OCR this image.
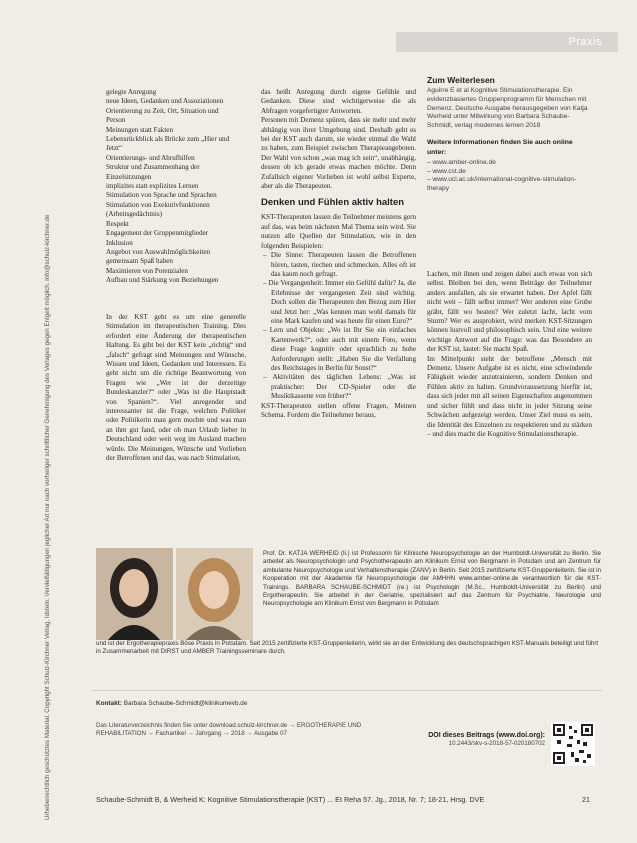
Urheberrechtlich geschütztes Material. Copyright Schulz-Kirchner Verlag, Idstein. Vervielfältigungen jeglicher Art nur nach vorheriger schriftlicher Genehmigung des Verlages gegen Entgelt möglich. info@schulz-kirchner.de
Praxis
gelegte Anregung
neue Ideen, Gedanken und Assoziationen
Orientierung zu Zeit, Ort, Situation und
Person
Meinungen statt Fakten
Lebensrückblick als Brücke zum „Hier und
Jetzt“
Orientierungs- und Abrufhilfen
Struktur und Zusammenhang der
Einzelsitzungen
implizites statt explizites Lernen
Stimulation von Sprache und Sprachen
Stimulation von Exekutivfunktionen
(Arbeitsgedächtnis)
Respekt
Engagement der Gruppenmitglieder
Inklusion
Angebot von Auswahlmöglichkeiten
gemeinsam Spaß haben
Maximieren von Potenzialen
Aufbau und Stärkung von Beziehungen

In der KST geht es um eine generelle Stimulation im therapeutischen Training. Dies erfordert eine Änderung der therapeutischen Haltung. Es gibt bei der KST kein „richtig“ und „falsch“ gefragt sind Meinungen und Wünsche, Wissen und Ideen, Gedanken und Interessen. Es geht nicht um die richtige Beantwortung von Fragen wie „Wer ist der derzeitige Bundeskanzler?“ oder „Was ist die Hauptstadt von Spanien?“. Viel anregender und interessanter ist die Frage, welchen Politiker oder Politikerin man gern mochte und was man an ihm gut fand, oder ob man Urlaub lieber in Deutschland oder weit weg im Ausland machen würde. Die Meinungen, Wünsche und Vorlieben der Betroffenen und das, was nach Stimulation,

das heißt Anregung durch eigene Gefühle und Gedanken. Diese sind wichtigerweise die als Abfragen vorgefertigter Antworten.

Personen mit Demenz spüren, dass sie mehr und mehr abhängig von ihrer Umgebung sind. Deshalb geht es bei der KST auch darum, sie wieder einmal die Wahl zu haben, zum Beispiel zwischen Therapieangeboten. Der Wahl von schon „was mag ich sein“, unabhängig, dessen ob ich gerade etwas machen möchte. Denn Zufallsich eigener Vorlieben ist wohl selbst Experte, aber als die Therapeuten.

Denken und Fühlen aktiv halten

KST-Therapeuten lassen die Teilnehmer meistens gern auf das, was beim nächsten Mal Thema sein wird. Sie nutzen alle Quellen der Stimulation, wie in den folgenden Beispielen:

– Die Sinne: Therapeuten lassen die Betroffenen hören, tasten, riechen und schmecken. Alles oft ist das kaum noch gefragt.

– Die Vergangenheit: Immer ein Gefühl dafür? Ja, die Erlebnisse der vergangenen Zeit sind wichtig. Doch sollen die Therapeuten den Bezug zum Hier und Jetzt her: „Was kennen man wohl damals für eine Mark kaufen und was heute für einen Euro?“

– Lern und Objekte: „Wo ist Ihr Sie ein einfaches Kartenwerk?“, oder auch mit einem Foto, wenn diese Frage kognitiv oder sprachlich zu hohe Anforderungen stellt: „Haben Sie die Verfallung des Reichstages in Berlin für Sonst?“

– Aktivitäten des täglichen Lebens: „Was ist praktischer: Der CD-Spieler oder die Musiktkassette von früher?“

KST-Therapeuten stellen offene Fragen, Meinen Schema. Fordern die Teilnehmer heraus,

Zum Weiterlesen
Aguirre E et al Kognitive Stimulationstherapie. Ein evidenzbasiertes Gruppenprogramm für Menschen mit Demenz. Deutsche Ausgabe herausgegeben von Katja Werheid unter Mitwirkung von Barbara Schaube-Schmidt, verlag modernes lernen 2018
Weitere Informationen finden Sie auch online unter:
– www.amber-online.de
– www.cst.de
– www.ucl.ac.uk/international-cognitive-stimulation-therapy

Lachen, mit ihnen und zeigen dabei auch etwas von sich selbst. Bleiben bei den, wenn Beiträge der Teilnehmer anders ausfallen, als sie erwartet haben. Der Apfel fällt nicht weit – fällt selbst immer? Wer anderen eine Grube gräbt, fällt wo beaten? Wer zuletzt lacht, lacht vom Sturm? Wer es ausprobiert, wird merken KST-Sitzungen können lustvoll und philosophisch sein. Und eine weitere wichtige Antwort auf die Frage: was das Besondere an der KST ist, lautet: Sie macht Spaß.

Im Mittelpunkt steht der betroffene „Mensch mit Demenz. Unsere Aufgabe ist es nicht, eine schwindende Fähigkeit wieder anzutrainieren, sondern Denken und Fühlen aktiv zu halten. Grundvoraussetzung hierfür ist, dass sich jeder mit all seinen Eigenschaften angenommen und sicher fühlt und dass nicht in jeder Sitzung seine Schwächen aufgezeigt werden. Unser Ziel muss es sein, die Identität des Einzelnen zu respektieren und zu stärken – und dies macht die Kognitive Stimulationstherapie.

Prof. Dr. KATJA WERHEID (li.) ist Professorin für Klinische Neuropsychologie an der Humboldt-Universität zu Berlin. Sie arbeitet als Neuropsychologin und Psychotherapeutin am Klinikum Ernst von Bergmann in Potsdam und am Zentrum für ambulante Neuropsychologie und Verhaltenstherapie (ZANV) in Berlin. Seit 2015 zertifizierte KST-Gruppenleiterin. Sie ist in Kooperation mit der Akademie für Neuropsychologie der AMHHN www.amber-online.de verantwortlich für die KST-Trainings. BARBARA SCHAUBE-SCHMIDT (re.) ist Psychologin (M.Sc., Humboldt-Universität zu Berlin) und Ergotherapeutin. Sie arbeitet in der Geriatrie, spezialisiert auf das Zentrum für Psychiatrie, Neurologie und Neuropsychologie am Klinikum Ernst von Bergmann in Potsdam
und ist der Ergotherapiepraxis Böse Praxis in Potsdam. Seit 2015 zertifizierte KST-Gruppenleiterin, wirkt sie an der Entwicklung des deutschsprachigen KST-Manuals beteiligt und führt in Zusammenarbeit mit DIRST und AMBER Trainingsseminare durch.
Kontakt: Barbara Schaube-Schmidt@klinikumevb.de
Das Literaturverzeichnis finden Sie unter download.schulz-kirchner.de → ERGOTHERAPIE UND REHABILITATION → Fachartikel → Jahrgang → 2018 → Ausgabe 07	DOI dieses Beitrags (www.doi.org):
10.2443/skv-s-2018-57-020180702
Schaube-Schmidt B, & Werheid K: Kognitive Stimulationstherapie (KST) ... Et Reha 57. Jg., 2018, Nr. 7; 18-21, Hrsg. DVE	21
